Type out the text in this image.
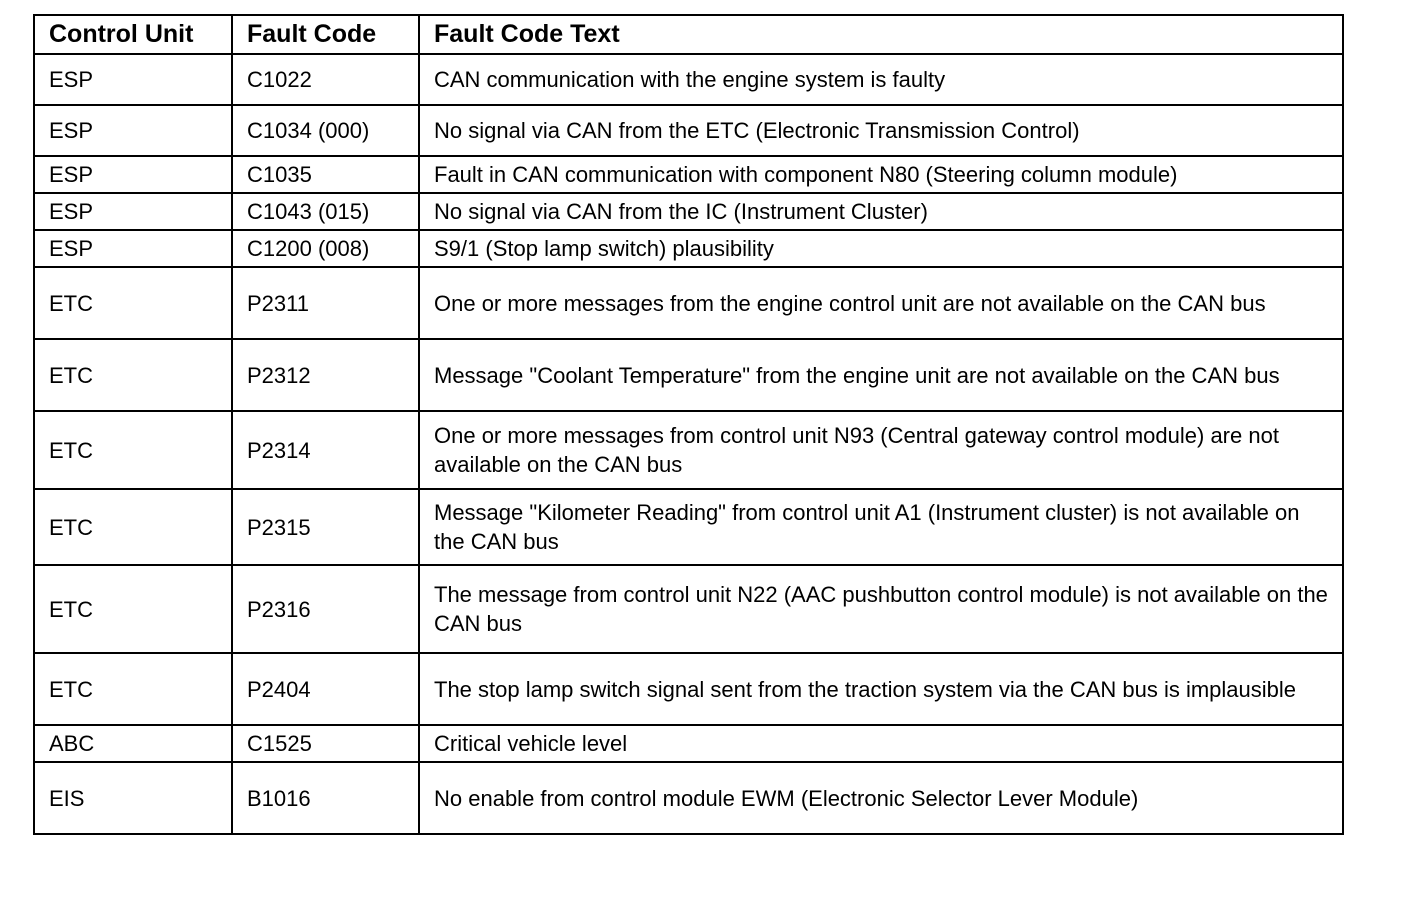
Control Unit	Fault Code	Fault Code Text
ESP	C1022	CAN communication with the engine system is faulty
ESP	C1034 (000)	No signal via CAN from the ETC (Electronic Transmission Control)
ESP	C1035	Fault in CAN communication with component N80 (Steering column module)
ESP	C1043 (015)	No signal via CAN from the IC (Instrument Cluster)
ESP	C1200 (008)	S9/1 (Stop lamp switch) plausibility
ETC	P2311	One or more messages from the engine control unit are not available on the CAN bus
ETC	P2312	Message "Coolant Temperature" from the engine unit are not available on the CAN bus
ETC	P2314	One or more messages from control unit N93 (Central gateway control module) are not available on the CAN bus
ETC	P2315	Message "Kilometer Reading" from control unit A1 (Instrument cluster) is not available on the CAN bus
ETC	P2316	The message from control unit N22 (AAC pushbutton control module) is not available on the CAN bus
ETC	P2404	The stop lamp switch signal sent from the traction system via the CAN bus is implausible
ABC	C1525	Critical vehicle level
EIS	B1016	No enable from control module EWM (Electronic Selector Lever Module)
